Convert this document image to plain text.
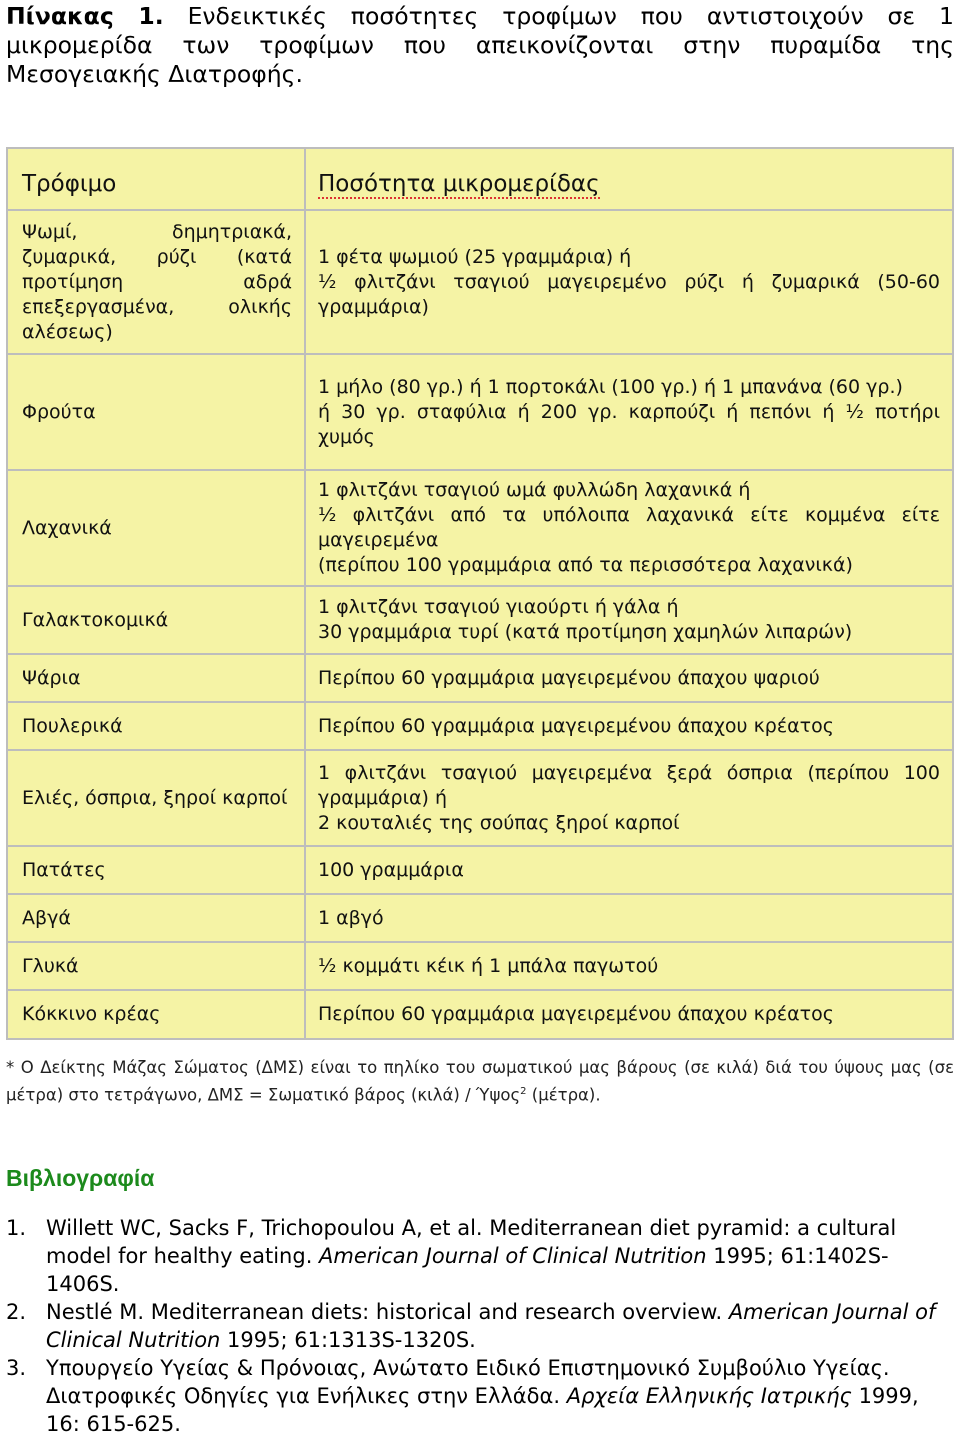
Πίνακας 1. Ενδεικτικές ποσότητες τροφίμων που αντιστοιχούν σε 1 μικρομερίδα των τροφίμων που απεικονίζονται στην πυραμίδα της Μεσογειακής Διατροφής.
Τρόφιμο	Ποσότητα μικρομερίδας
Ψωμί, δημητριακά, ζυμαρικά, ρύζι (κατά προτίμηση αδρά επεξεργασμένα, ολικής αλέσεως)	1 φέτα ψωμιού (25 γραμμάρια) ή
½ φλιτζάνι τσαγιού μαγειρεμένο ρύζι ή ζυμαρικά (50-60 γραμμάρια)

Φρούτα	1 μήλο (80 γρ.) ή 1 πορτοκάλι (100 γρ.) ή 1 μπανάνα (60 γρ.)
ή 30 γρ. σταφύλια ή 200 γρ. καρπούζι ή πεπόνι ή ½ ποτήρι χυμός

Λαχανικά	1 φλιτζάνι τσαγιού ωμά φυλλώδη λαχανικά ή
½ φλιτζάνι από τα υπόλοιπα λαχανικά είτε κομμένα είτε μαγειρεμένα
(περίπου 100 γραμμάρια από τα περισσότερα λαχανικά)

Γαλακτοκομικά	1 φλιτζάνι τσαγιού γιαούρτι ή γάλα ή
30 γραμμάρια τυρί (κατά προτίμηση χαμηλών λιπαρών)

Ψάρια	Περίπου 60 γραμμάρια μαγειρεμένου άπαχου ψαριού

Πουλερικά	Περίπου 60 γραμμάρια μαγειρεμένου άπαχου κρέατος

Ελιές, όσπρια, ξηροί καρποί	1 φλιτζάνι τσαγιού μαγειρεμένα ξερά όσπρια (περίπου 100 γραμμάρια) ή
2 κουταλιές της σούπας ξηροί καρποί

Πατάτες	100 γραμμάρια

Αβγά	1 αβγό

Γλυκά	½ κομμάτι κέικ ή 1 μπάλα παγωτού

Κόκκινο κρέας	Περίπου 60 γραμμάρια μαγειρεμένου άπαχου κρέατος
* Ο Δείκτης Μάζας Σώματος (ΔΜΣ) είναι το πηλίκο του σωματικού μας βάρους (σε κιλά) διά του ύψους μας (σε μέτρα) στο τετράγωνο, ΔΜΣ = Σωματικό βάρος (κιλά) / Ύψος$^2$ (μέτρα).
Βιβλιογραφία
1. Willett WC, Sacks F, Trichopoulou A, et al. Mediterranean diet pyramid: a cultural model for healthy eating. American Journal of Clinical Nutrition 1995; 61:1402S-1406S.
2. Nestlé M. Mediterranean diets: historical and research overview. American Journal of Clinical Nutrition 1995; 61:1313S-1320S.
3. Υπουργείο Υγείας & Πρόνοιας, Ανώτατο Ειδικό Επιστημονικό Συμβούλιο Υγείας. Διατροφικές Οδηγίες για Ενήλικες στην Ελλάδα. Αρχεία Ελληνικής Ιατρικής 1999, 16: 615-625.
